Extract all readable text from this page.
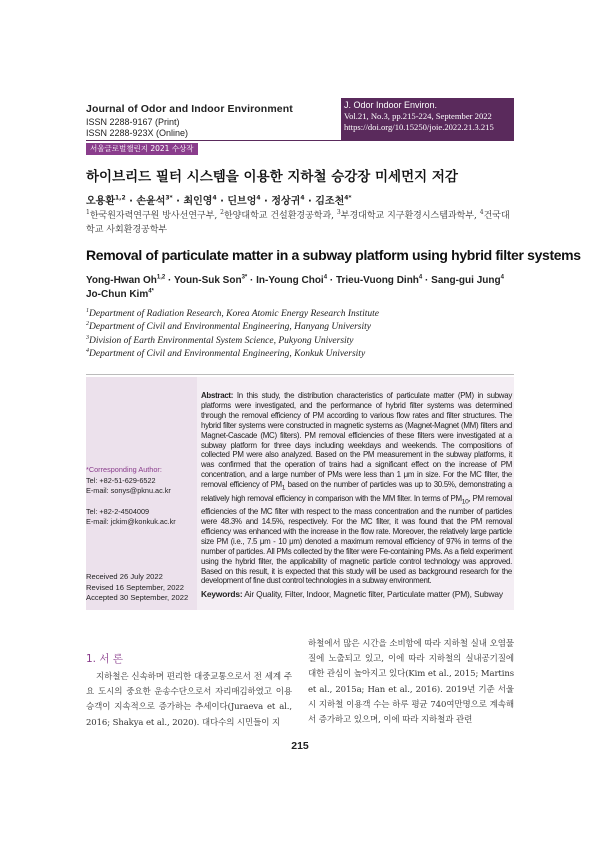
Journal of Odor and Indoor Environment
ISSN 2288-9167 (Print)
ISSN 2288-923X (Online)
J. Odor Indoor Environ.
Vol.21, No.3, pp.215-224, September 2022
https://doi.org/10.15250/joie.2022.21.3.215
서울글로벌챌린지 2021 수상작
하이브리드 필터 시스템을 이용한 지하철 승강장 미세먼지 저감
오용환$^{1,2}$ · 손윤석$^{3*}$ · 최인영$^4$ · 딘브엉$^4$ · 정상귀$^4$ · 김조천$^{4*}$
$^1$한국원자력연구원 방사선연구부, $^2$한양대학교 건설환경공학과, $^3$부경대학교 지구환경시스템과학부, $^4$건국대학교 사회환경공학부
Removal of particulate matter in a subway platform using hybrid filter systems
Yong-Hwan Oh$^{1,2}$ · Youn-Suk Son$^{3*}$ · In-Young Choi$^4$ · Trieu-Vuong Dinh$^4$ · Sang-gui Jung$^4$
Jo-Chun Kim$^{4*}$
$^1$Department of Radiation Research, Korea Atomic Energy Research Institute
$^2$Department of Civil and Environmental Engineering, Hanyang University
$^3$Division of Earth Environmental System Science, Pukyong University
$^4$Department of Civil and Environmental Engineering, Konkuk University
*Corresponding Author:
Tel: +82-51-629-6522
E-mail: sonys@pknu.ac.kr
Tel: +82-2-4504009
E-mail: jckim@konkuk.ac.kr
Received 26 July 2022
Revised 16 September, 2022
Accepted 30 September, 2022
Abstract: In this study, the distribution characteristics of particulate matter (PM) in subway platforms were investigated, and the performance of hybrid filter systems was determined through the removal efficiency of PM according to various flow rates and filter structures. The hybrid filter systems were constructed in magnetic systems as (Magnet-Magnet (MM) filters and Magnet-Cascade (MC) filters). PM removal efficiencies of these filters were investigated at a subway platform for three days including weekdays and weekends. The compositions of collected PM were also analyzed. Based on the PM measurement in the subway platforms, it was confirmed that the operation of trains had a significant effect on the increase of PM concentration, and a large number of PMs were less than 1 μm in size. For the MC filter, the removal efficiency of $PM_1$ based on the number of particles was up to 30.5%, demonstrating a relatively high removal efficiency in comparison with the MM filter. In terms of $PM_{10}$, PM removal efficiencies of the MC filter with respect to the mass concentration and the number of particles were 48.3% and 14.5%, respectively. For the MC filter, it was found that the PM removal efficiency was enhanced with the increase in the flow rate. Moreover, the relatively large particle size PM (i.e., 7.5 μm - 10 μm) denoted a maximum removal efficiency of 97% in terms of the number of particles. All PMs collected by the filter were Fe-containing PMs. As a field experiment using the hybrid filter, the applicability of magnetic particle control technology was approved. Based on this result, it is expected that this study will be used as background research for the development of fine dust control technologies in a subway environment.
Keywords: Air Quality, Filter, Indoor, Magnetic filter, Particulate matter (PM), Subway
1. 서 론
지하철은 신속하며 편리한 대중교통으로서 전 세계 주요 도시의 중요한 운송수단으로서 자리매김하였고 이용 승객이 지속적으로 증가하는 추세이다(Juraeva et al., 2016; Shakya et al., 2020). 대다수의 시민들이 지
하철에서 많은 시간을 소비함에 따라 지하철 실내 오염물질에 노출되고 있고, 이에 따라 지하철의 실내공기질에 대한 관심이 높아지고 있다(Kim et al., 2015; Martins et al., 2015a; Han et al., 2016). 2019년 기준 서울시 지하철 이용객 수는 하루 평균 740여만명으로 계속해서 증가하고 있으며, 이에 따라 지하철과 관련
215
